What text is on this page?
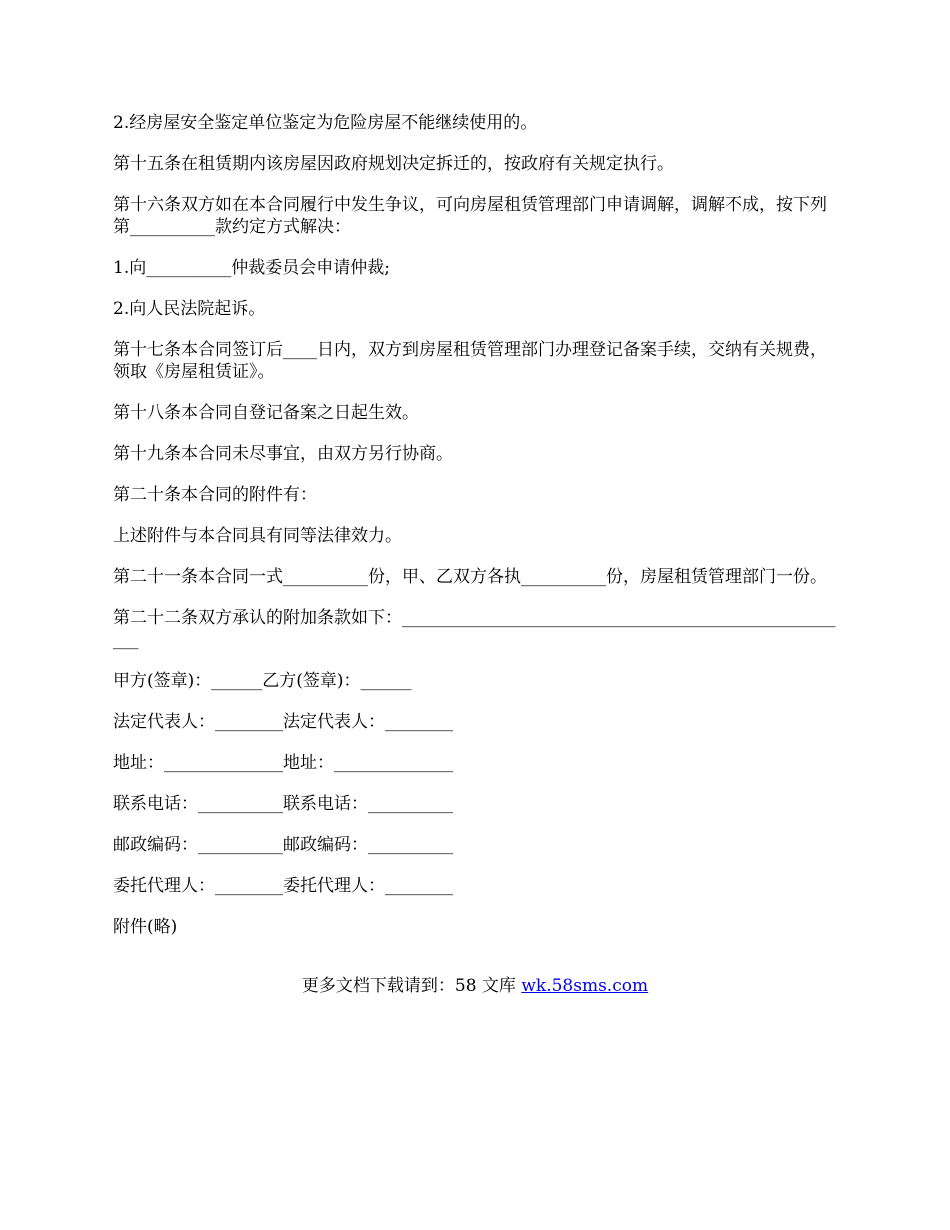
2.经房屋安全鉴定单位鉴定为危险房屋不能继续使用的。

第十五条在租赁期内该房屋因政府规划决定拆迁的，按政府有关规定执行。

第十六条双方如在本合同履行中发生争议，可向房屋租赁管理部门申请调解，调解不成，按下列第__________款约定方式解决：

1.向__________仲裁委员会申请仲裁;

2.向人民法院起诉。

第十七条本合同签订后____日内，双方到房屋租赁管理部门办理登记备案手续，交纳有关规费，领取《房屋租赁证》。

第十八条本合同自登记备案之日起生效。

第十九条本合同未尽事宜，由双方另行协商。

第二十条本合同的附件有：

上述附件与本合同具有同等法律效力。

第二十一条本合同一式__________份，甲、乙双方各执__________份，房屋租赁管理部门一份。

第二十二条双方承认的附加条款如下：______________________________________________________

甲方(签章)：______乙方(签章)：______

法定代表人：________法定代表人：________

地址：______________地址：______________

联系电话：__________联系电话：__________

邮政编码：__________邮政编码：__________

委托代理人：________委托代理人：________

附件(略)

更多文档下载请到：58 文库 wk.58sms.com
